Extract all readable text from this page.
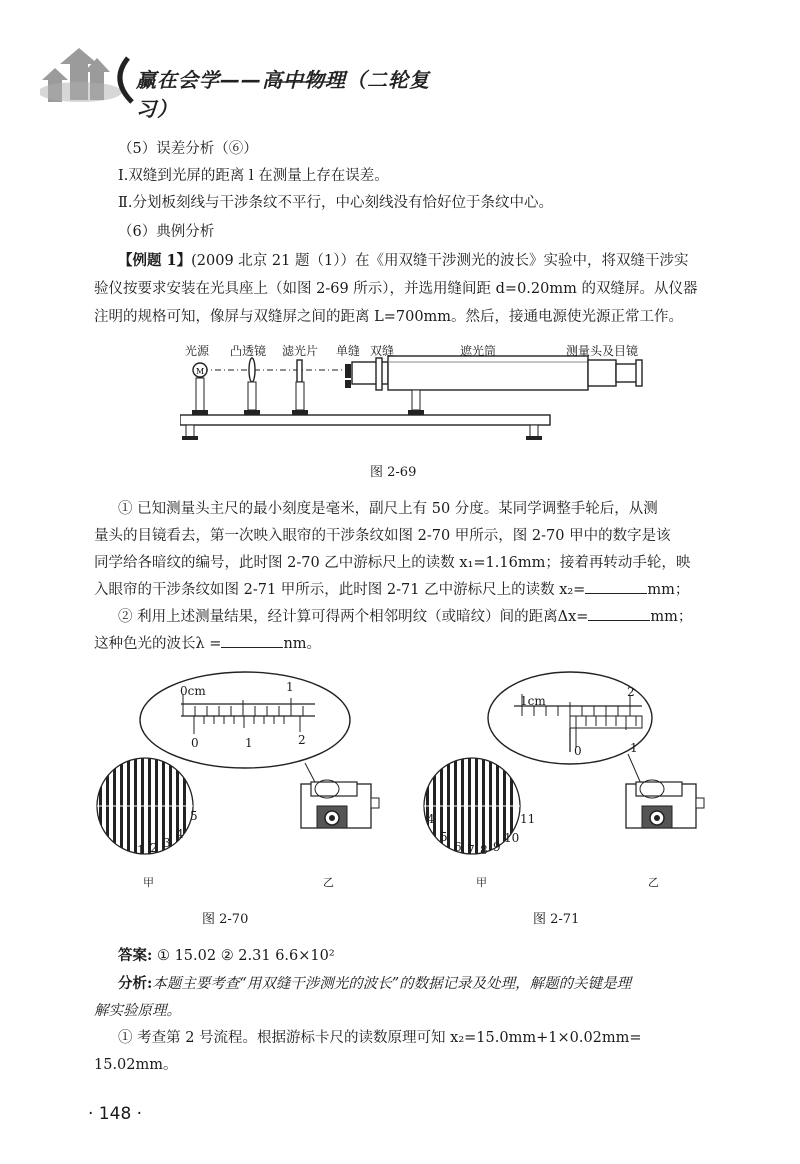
赢在会学——高中物理（二轮复习）
（5）误差分析（⑥）
Ⅰ.双缝到光屏的距离 l 在测量上存在误差。
Ⅱ.分划板刻线与干涉条纹不平行，中心刻线没有恰好位于条纹中心。
（6）典例分析
【例题 1】(2009 北京 21 题（1））在《用双缝干涉测光的波长》实验中，将双缝干涉实
验仪按要求安装在光具座上（如图 2-69 所示），并选用缝间距 d=0.20mm 的双缝屏。从仪器
注明的规格可知，像屏与双缝屏之间的距离 L=700mm。然后，接通电源使光源正常工作。
M
光源 凸透镜 滤光片 单缝 双缝	遮光筒	测量头及目镜
图 2-69
① 已知测量头主尺的最小刻度是毫米，副尺上有 50 分度。某同学调整手轮后，从测
量头的目镜看去，第一次映入眼帘的干涉条纹如图 2-70 甲所示，图 2-70 甲中的数字是该
同学给各暗纹的编号，此时图 2-70 乙中游标尺上的读数 x₁=1.16mm；接着再转动手轮，映
入眼帘的干涉条纹如图 2-71 甲所示，此时图 2-71 乙中游标尺上的读数 x₂=	mm；
② 利用上述测量结果，经计算可得两个相邻明纹（或暗纹）间的距离Δx=	mm；
这种色光的波长λ =	nm。
0cm	1
0	1	2
1 2 3
4
5
甲	乙
图 2-70
1cm
2
0	1
4
5
6 7 8 9
10
11
甲	乙
图 2-71
答案: ① 15.02 ② 2.31 6.6×10²
分析:本题主要考查“用双缝干涉测光的波长”的数据记录及处理，解题的关键是理
解实验原理。
① 考查第 2 号流程。根据游标卡尺的读数原理可知 x₂=15.0mm+1×0.02mm=
15.02mm。
· 148 ·
